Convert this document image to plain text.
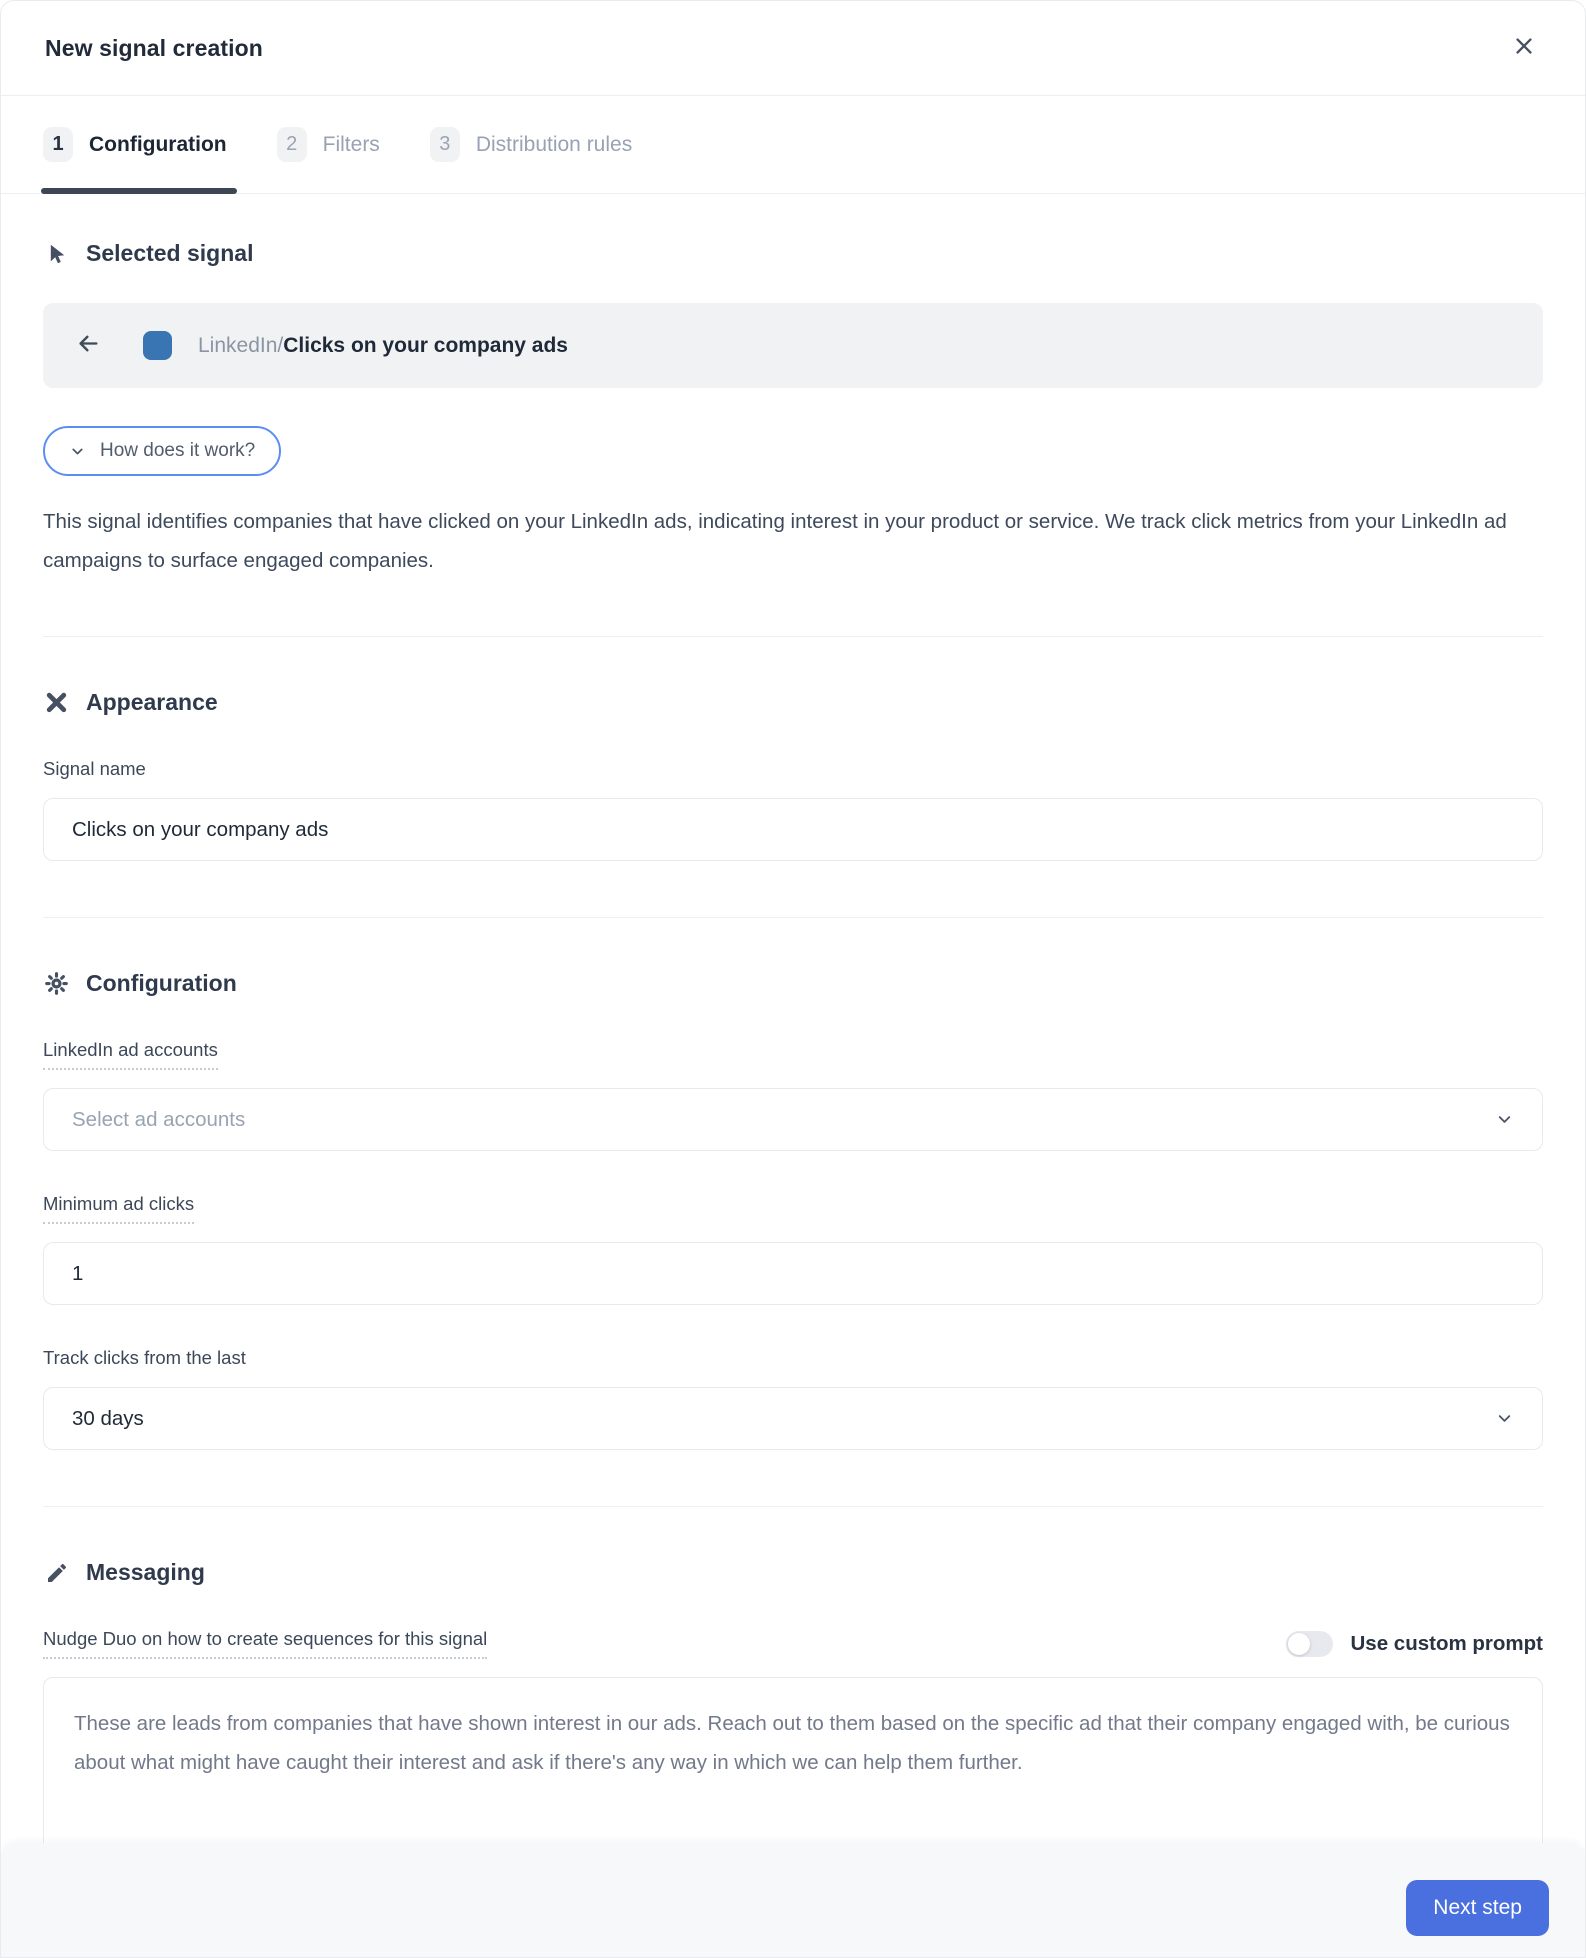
New signal creation
1	Configuration	2	Filters	3	Distribution rules
Selected signal
LinkedIn/Clicks on your company ads
How does it work?
This signal identifies companies that have clicked on your LinkedIn ads, indicating interest in your product or service. We track click metrics from your LinkedIn ad campaigns to surface engaged companies.
Appearance
Signal name
Clicks on your company ads
Configuration
LinkedIn ad accounts
Select ad accounts
Minimum ad clicks
1
Track clicks from the last
30 days
Messaging
Nudge Duo on how to create sequences for this signal	Use custom prompt
These are leads from companies that have shown interest in our ads. Reach out to them based on the specific ad that their company engaged with, be curious about what might have caught their interest and ask if there's any way in which we can help them further.
Next step
